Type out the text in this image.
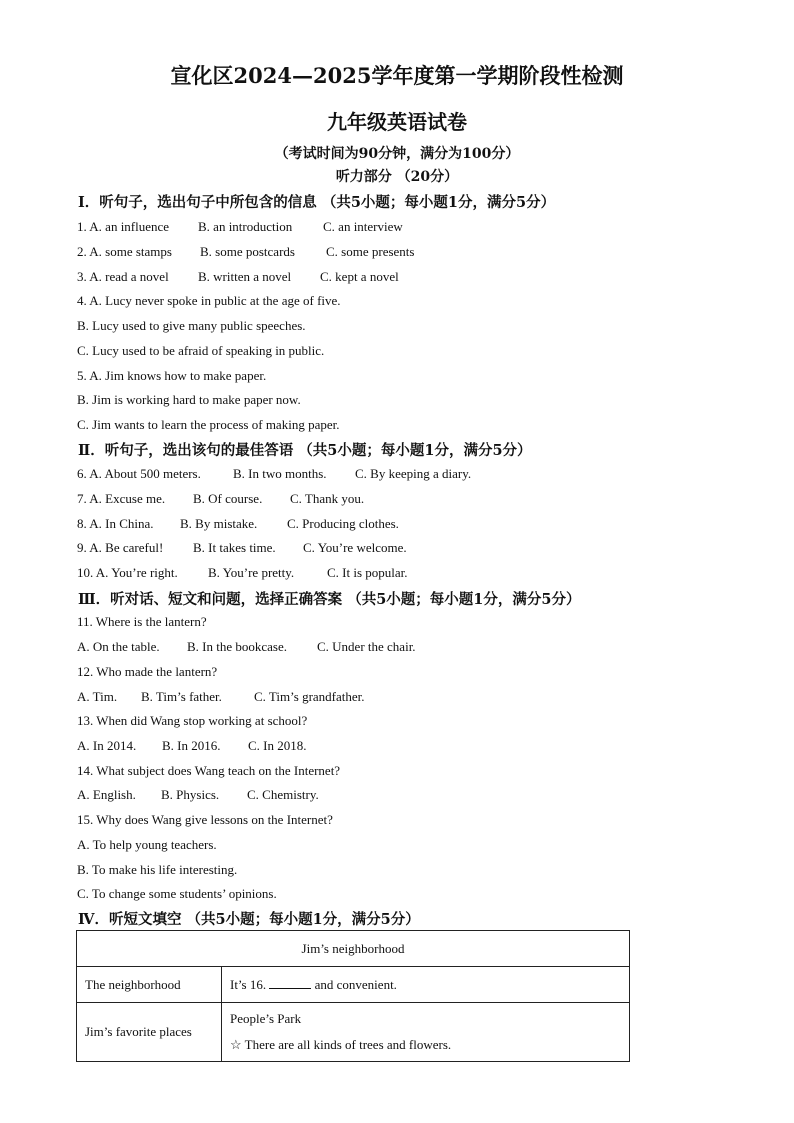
宣化区2024—2025学年度第一学期阶段性检测
九年级英语试卷
（考试时间为90分钟，满分为100分）
听力部分 （20分）
Ⅰ．听句子，选出句子中所包含的信息 （共5小题；每小题1分，满分5分）
1. A. an influence B. an introduction C. an interview
2. A. some stamps B. some postcards C. some presents
3. A. read a novel B. written a novel C. kept a novel
4. A. Lucy never spoke in public at the age of five.
B. Lucy used to give many public speeches.
C. Lucy used to be afraid of speaking in public.
5. A. Jim knows how to make paper.
B. Jim is working hard to make paper now.
C. Jim wants to learn the process of making paper.
Ⅱ．听句子，选出该句的最佳答语 （共5小题；每小题1分，满分5分）
6. A. About 500 meters. B. In two months. C. By keeping a diary.
7. A. Excuse me. B. Of course. C. Thank you.
8. A. In China. B. By mistake. C. Producing clothes.
9. A. Be careful! B. It takes time. C. You’re welcome.
10. A. You’re right. B. You’re pretty.	C. It is popular.
Ⅲ．听对话、短文和问题，选择正确答案 （共5小题；每小题1分，满分5分）
11. Where is the lantern?
A. On the table. B. In the bookcase. C. Under the chair.
12. Who made the lantern?
A. Tim. B. Tim’s father. C. Tim’s grandfather.
13. When did Wang stop working at school?
A. In 2014. B. In 2016. C. In 2018.
14. What subject does Wang teach on the Internet?
A. English. B. Physics. C. Chemistry.
15. Why does Wang give lessons on the Internet?
A. To help young teachers.
B. To make his life interesting.
C. To change some students’ opinions.
Ⅳ．听短文填空 （共5小题；每小题1分，满分5分）
Jim’s neighborhood	
The neighborhood	It’s 16. and convenient.
Jim’s favorite places	People’s Park
☆ There are all kinds of trees and flowers.
